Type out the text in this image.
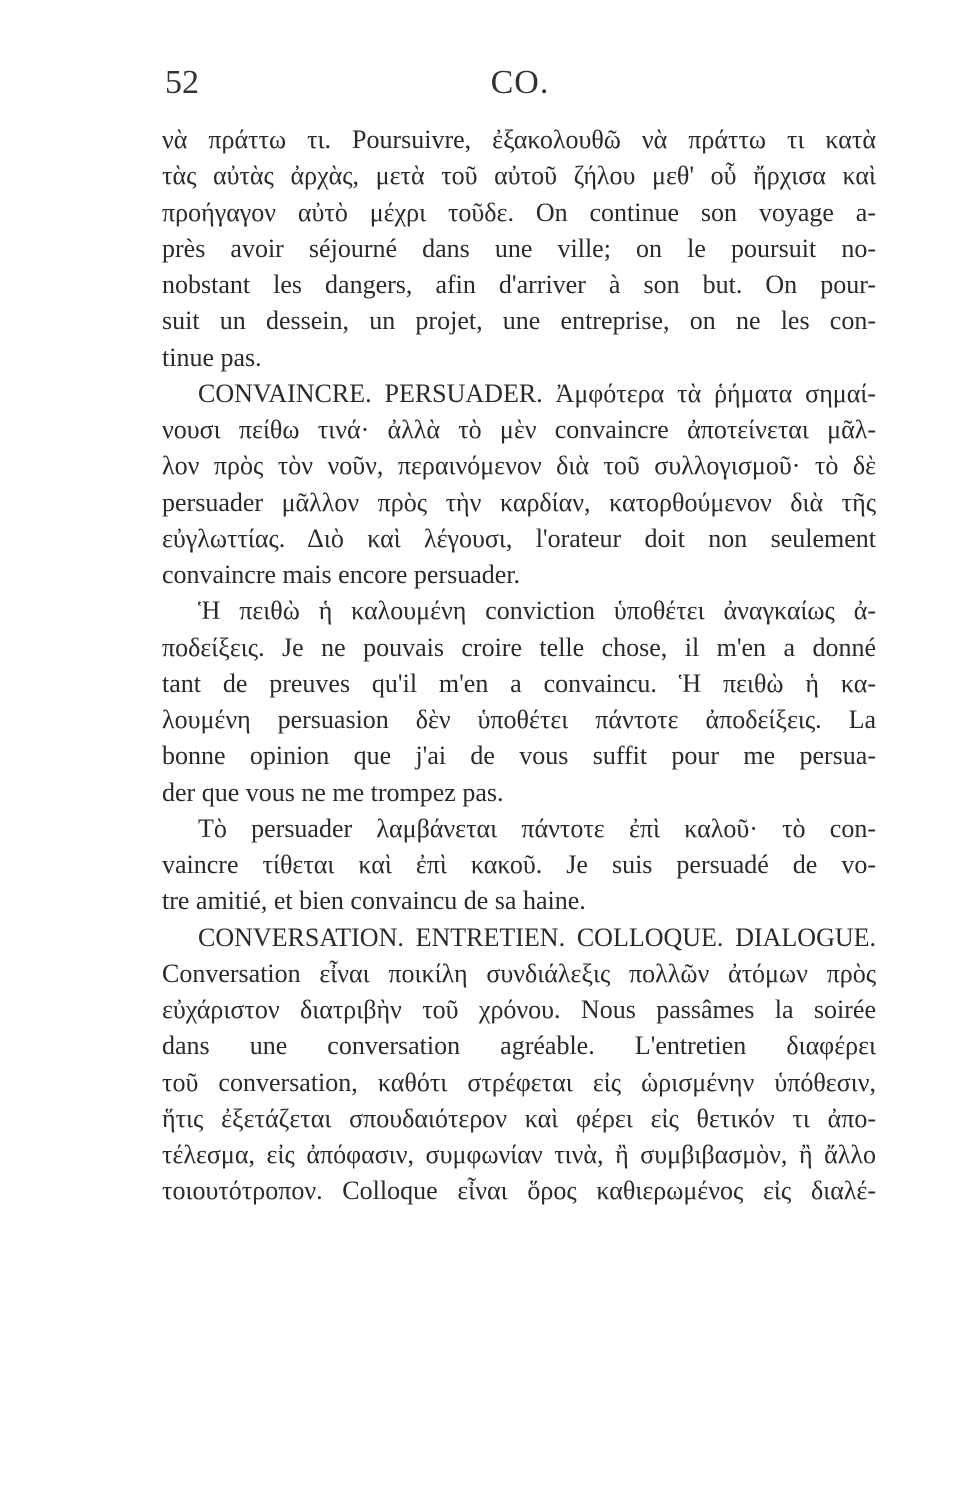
52	CO.
νὰ πράττω τι. Poursuivre, ἐξακολουθῶ νὰ πράττω τι κατὰ
τὰς αὐτὰς ἀρχὰς, μετὰ τοῦ αὐτοῦ ζήλου μεθ' οὗ ἤρχισα καὶ
προήγαγον αὐτὸ μέχρι τοῦδε. On continue son voyage a-
près avoir séjourné dans une ville; on le poursuit no-
nobstant les dangers, afin d'arriver à son but. On pour-
suit un dessein, un projet, une entreprise, on ne les con-
tinue pas.
CONVAINCRE. PERSUADER. Ἀμφότερα τὰ ῥήματα σημαί-
νουσι πείθω τινά· ἀλλὰ τὸ μὲν convaincre ἀποτείνεται μᾶλ-
λον πρὸς τὸν νοῦν, περαινόμενον διὰ τοῦ συλλογισμοῦ· τὸ δὲ
persuader μᾶλλον πρὸς τὴν καρδίαν, κατορθούμενον διὰ τῆς
εὐγλωττίας. Διὸ καὶ λέγουσι, l'orateur doit non seulement
convaincre mais encore persuader.
Ἡ πειθὼ ἡ καλουμένη conviction ὑποθέτει ἀναγκαίως ἀ-
ποδείξεις. Je ne pouvais croire telle chose, il m'en a donné
tant de preuves qu'il m'en a convaincu. Ἡ πειθὼ ἡ κα-
λουμένη persuasion δὲν ὑποθέτει πάντοτε ἀποδείξεις. La
bonne opinion que j'ai de vous suffit pour me persua-
der que vous ne me trompez pas.
Τὸ persuader λαμβάνεται πάντοτε ἐπὶ καλοῦ· τὸ con-
vaincre τίθεται καὶ ἐπὶ κακοῦ. Je suis persuadé de vo-
tre amitié, et bien convaincu de sa haine.
CONVERSATION. ENTRETIEN. COLLOQUE. DIALOGUE.
Conversation εἶναι ποικίλη συνδιάλεξις πολλῶν ἀτόμων πρὸς
εὐχάριστον διατριβὴν τοῦ χρόνου. Nous passâmes la soirée
dans une conversation agréable. L'entretien διαφέρει
τοῦ conversation, καθότι στρέφεται εἰς ὡρισμένην ὑπόθεσιν,
ἥτις ἐξετάζεται σπουδαιότερον καὶ φέρει εἰς θετικόν τι ἀπο-
τέλεσμα, εἰς ἀπόφασιν, συμφωνίαν τινὰ, ἢ συμβιβασμὸν, ἢ ἄλλο
τοιουτότροπον. Colloque εἶναι ὅρος καθιερωμένος εἰς διαλέ-
